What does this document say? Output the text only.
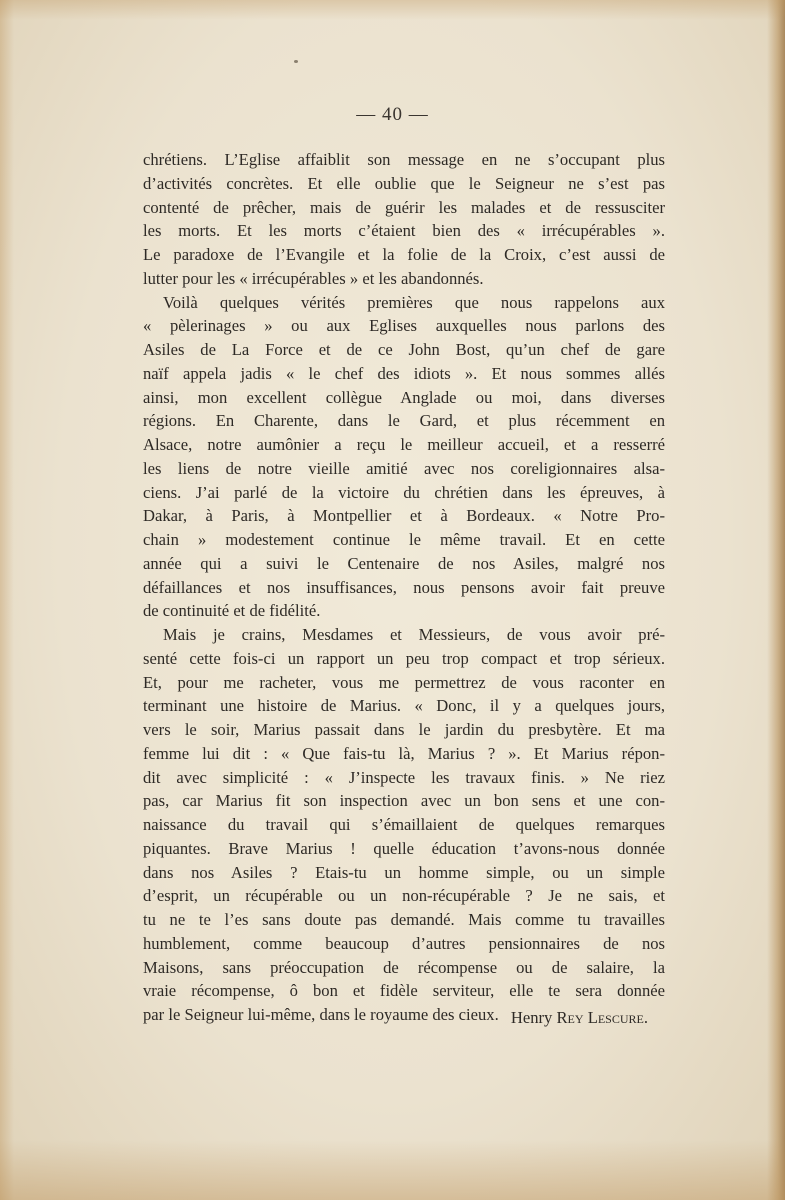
— 40 —
chrétiens. L’Eglise affaiblit son message en ne s’occupant plus
d’activités concrètes. Et elle oublie que le Seigneur ne s’est pas
contenté de prêcher, mais de guérir les malades et de ressusciter
les morts. Et les morts c’étaient bien des « irrécupérables ».
Le paradoxe de l’Evangile et la folie de la Croix, c’est aussi de
lutter pour les « irrécupérables » et les abandonnés.
Voilà quelques vérités premières que nous rappelons aux
« pèlerinages » ou aux Eglises auxquelles nous parlons des
Asiles de La Force et de ce John Bost, qu’un chef de gare
naïf appela jadis « le chef des idiots ». Et nous sommes allés
ainsi, mon excellent collègue Anglade ou moi, dans diverses
régions. En Charente, dans le Gard, et plus récemment en
Alsace, notre aumônier a reçu le meilleur accueil, et a resserré
les liens de notre vieille amitié avec nos coreligionnaires alsa-
ciens. J’ai parlé de la victoire du chrétien dans les épreuves, à
Dakar, à Paris, à Montpellier et à Bordeaux. « Notre Pro-
chain » modestement continue le même travail. Et en cette
année qui a suivi le Centenaire de nos Asiles, malgré nos
défaillances et nos insuffisances, nous pensons avoir fait preuve
de continuité et de fidélité.
Mais je crains, Mesdames et Messieurs, de vous avoir pré-
senté cette fois-ci un rapport un peu trop compact et trop sérieux.
Et, pour me racheter, vous me permettrez de vous raconter en
terminant une histoire de Marius. « Donc, il y a quelques jours,
vers le soir, Marius passait dans le jardin du presbytère. Et ma
femme lui dit : « Que fais-tu là, Marius ? ». Et Marius répon-
dit avec simplicité : « J’inspecte les travaux finis. » Ne riez
pas, car Marius fit son inspection avec un bon sens et une con-
naissance du travail qui s’émaillaient de quelques remarques
piquantes. Brave Marius ! quelle éducation t’avons-nous donnée
dans nos Asiles ? Etais-tu un homme simple, ou un simple
d’esprit, un récupérable ou un non-récupérable ? Je ne sais, et
tu ne te l’es sans doute pas demandé. Mais comme tu travailles
humblement, comme beaucoup d’autres pensionnaires de nos
Maisons, sans préoccupation de récompense ou de salaire, la
vraie récompense, ô bon et fidèle serviteur, elle te sera donnée
par le Seigneur lui-même, dans le royaume des cieux. Henry Rey Lescure.
